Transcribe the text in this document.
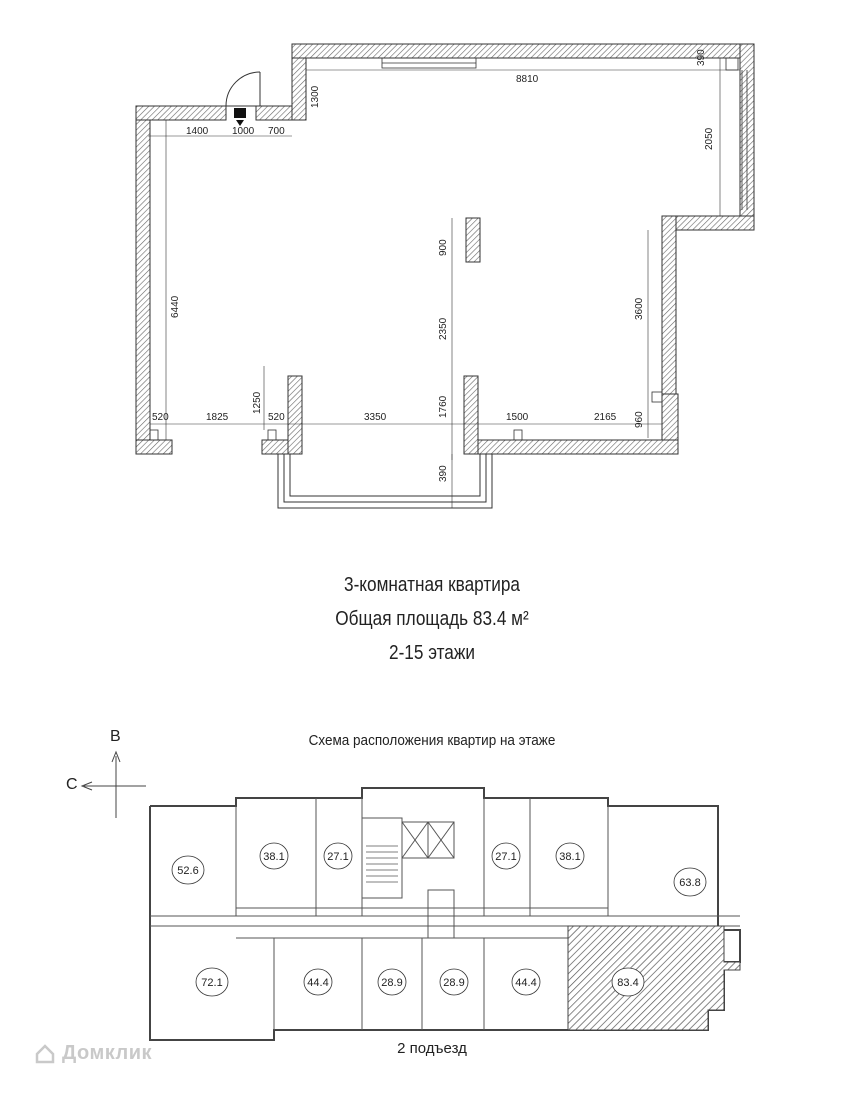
8810
390
2050
1300
1400 1000 700
6440
900
2350
3600
1250	1760
520	1825	520	3350	1500	2165 960
390
52.6
38.1	27.1	27.1	38.1
63.8
72.1	44.4	28.9	28.9	44.4	83.4
3-комнатная квартира
Общая площадь 83.4 м²
2-15 этажи
Схема расположения квартир на этаже
В
С
2 подъезд
Домклик
